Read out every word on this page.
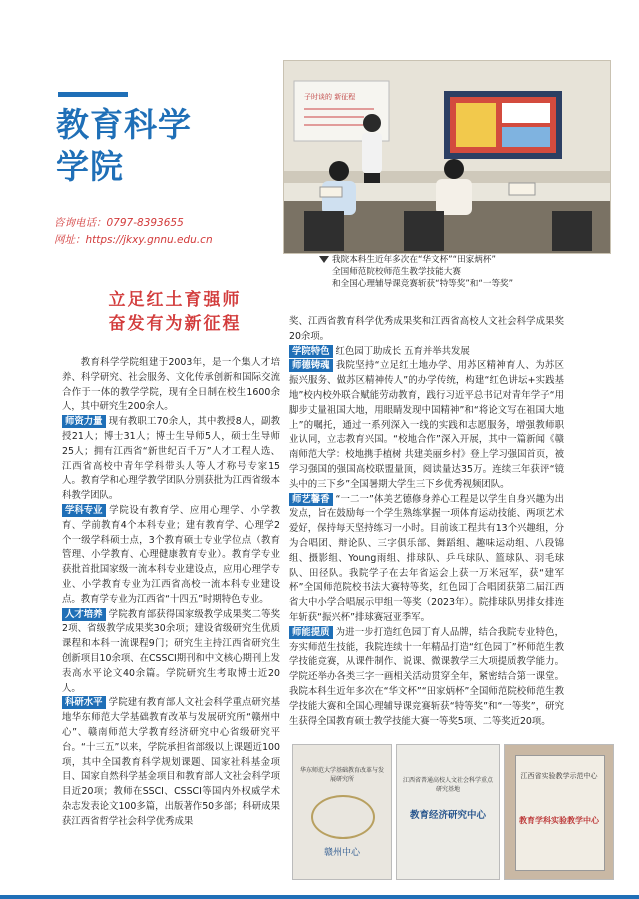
教育科学
学院
咨询电话：0797-8393655
网址：https://jkxy.gnnu.edu.cn
子时谈的 新征程
我院本科生近年多次在“华文杯”“田家炳杯”
全国师范院校师范生教学技能大赛
和全国心理辅导课竞赛斩获“特等奖”和“一等奖”
立足红土育强师
奋发有为新征程

教育科学学院组建于2003年，是一个集人才培养、科学研究、社会服务、文化传承创新和国际交流合作于一体的教学学院，现有全日制在校生1600余人，其中研究生200余人。

师资力量 现有教职工70余人，其中教授8人，副教授21人；博士31人；博士生导师5人，硕士生导师25人；拥有江西省“新世纪百千万”人才工程人选、江西省高校中青年学科带头人等人才称号专家15人。教育学和心理学教学团队分别获批为江西省级本科教学团队。

学科专业 学院设有教育学、应用心理学、小学教育、学前教育4个本科专业；建有教育学、心理学2个一级学科硕士点，3个教育硕士专业学位点（教育管理、小学教育、心理健康教育专业）。教育学专业获批首批国家级一流本科专业建设点，应用心理学专业、小学教育专业为江西省高校一流本科专业建设点。教育学专业为江西省“十四五”时期特色专业。

人才培养 学院教育部获得国家级教学成果奖二等奖2项、省级教学成果奖30余项；建设省级研究生优质课程和本科一流课程9门；研究生主持江西省研究生创新项目10余项、在CSSCI期刊和中文核心期刊上发表高水平论文40余篇。学院研究生考取博士近20人。

科研水平 学院建有教育部人文社会科学重点研究基地华东师范大学基础教育改革与发展研究所“赣州中心”、赣南师范大学教育经济研究中心省级研究平台。“十三五”以来，学院承担省部级以上课题近100项，其中全国教育科学规划课题、国家社科基金项目、国家自然科学基金项目和教育部人文社会科学项目近20项；教师在SSCI、CSSCI等国内外权威学术杂志发表论文100多篇，出版著作50多部；科研成果获江西省哲学社会科学优秀成果

奖、江西省教育科学优秀成果奖和江西省高校人文社会科学成果奖20余项。

学院特色 红色园丁助成长 五育并举共发展

师德铸魂 我院坚持“立足红土地办学、用苏区精神育人、为苏区振兴服务、做苏区精神传人”的办学传统，构建“红色讲坛+实践基地”校内校外联合赋能劳动教育，践行习近平总书记对青年学子“用脚步丈量祖国大地，用眼睛发现中国精神”和“将论文写在祖国大地上”的嘱托，通过一系列深入一线的实践和志愿服务，增强教师职业认同，立志教育兴国。“校地合作”深入开展，其中一篇新闻《赣南师范大学：校地携手植树 共建美丽乡村》登上学习强国首页，被学习强国的强国高校联盟量顶，阅读量达35万。连续三年获评“镜头中的三下乡”全国暑期大学生三下乡优秀视频团队。

师艺馨香 “一二一”体美艺德修身养心工程是以学生自身兴趣为出发点，旨在鼓励每一个学生熟练掌握一项体育运动技能、两项艺术爱好，保持每天坚持练习一小时。目前该工程共有13个兴趣组，分为合唱团、辩论队、三字俱乐部、舞蹈组、趣味运动组、八段锦组、摄影组、Young雨组、排球队、乒乓球队、篮球队、羽毛球队、田径队。我院学子在去年省运会上获一万米冠军，获“建军杯”全国师范院校书法大赛特等奖，红色园丁合唱团获第二届江西省大中小学合唱展示甲组一等奖（2023年）。院排球队男排女排连年斩获“振兴杯”排球赛冠亚季军。

师能提质 为进一步打造红色园丁育人品牌，结合我院专业特色，夯实师范生技能，我院连续十一年精品打造“红色园丁”杯师范生教学技能竞赛，从课件制作、说课、微课教学三大项提质教学能力。学院还举办各类三字一画相关活动贯穿全年，紧密结合第一课堂。我院本科生近年多次在“华文杯”“田家炳杯”全国师范院校师范生教学技能大赛和全国心理辅导课竞赛斩获“特等奖”和“一等奖”，研究生获得全国教育硕士教学技能大赛一等奖5项、二等奖近20项。

华东师范大学基础教育改革与发展研究所
赣州中心
江西省普通高校人文社会科学重点研究基地
教育经济研究中心
江西省实验教学示范中心
教育学科实验教学中心
